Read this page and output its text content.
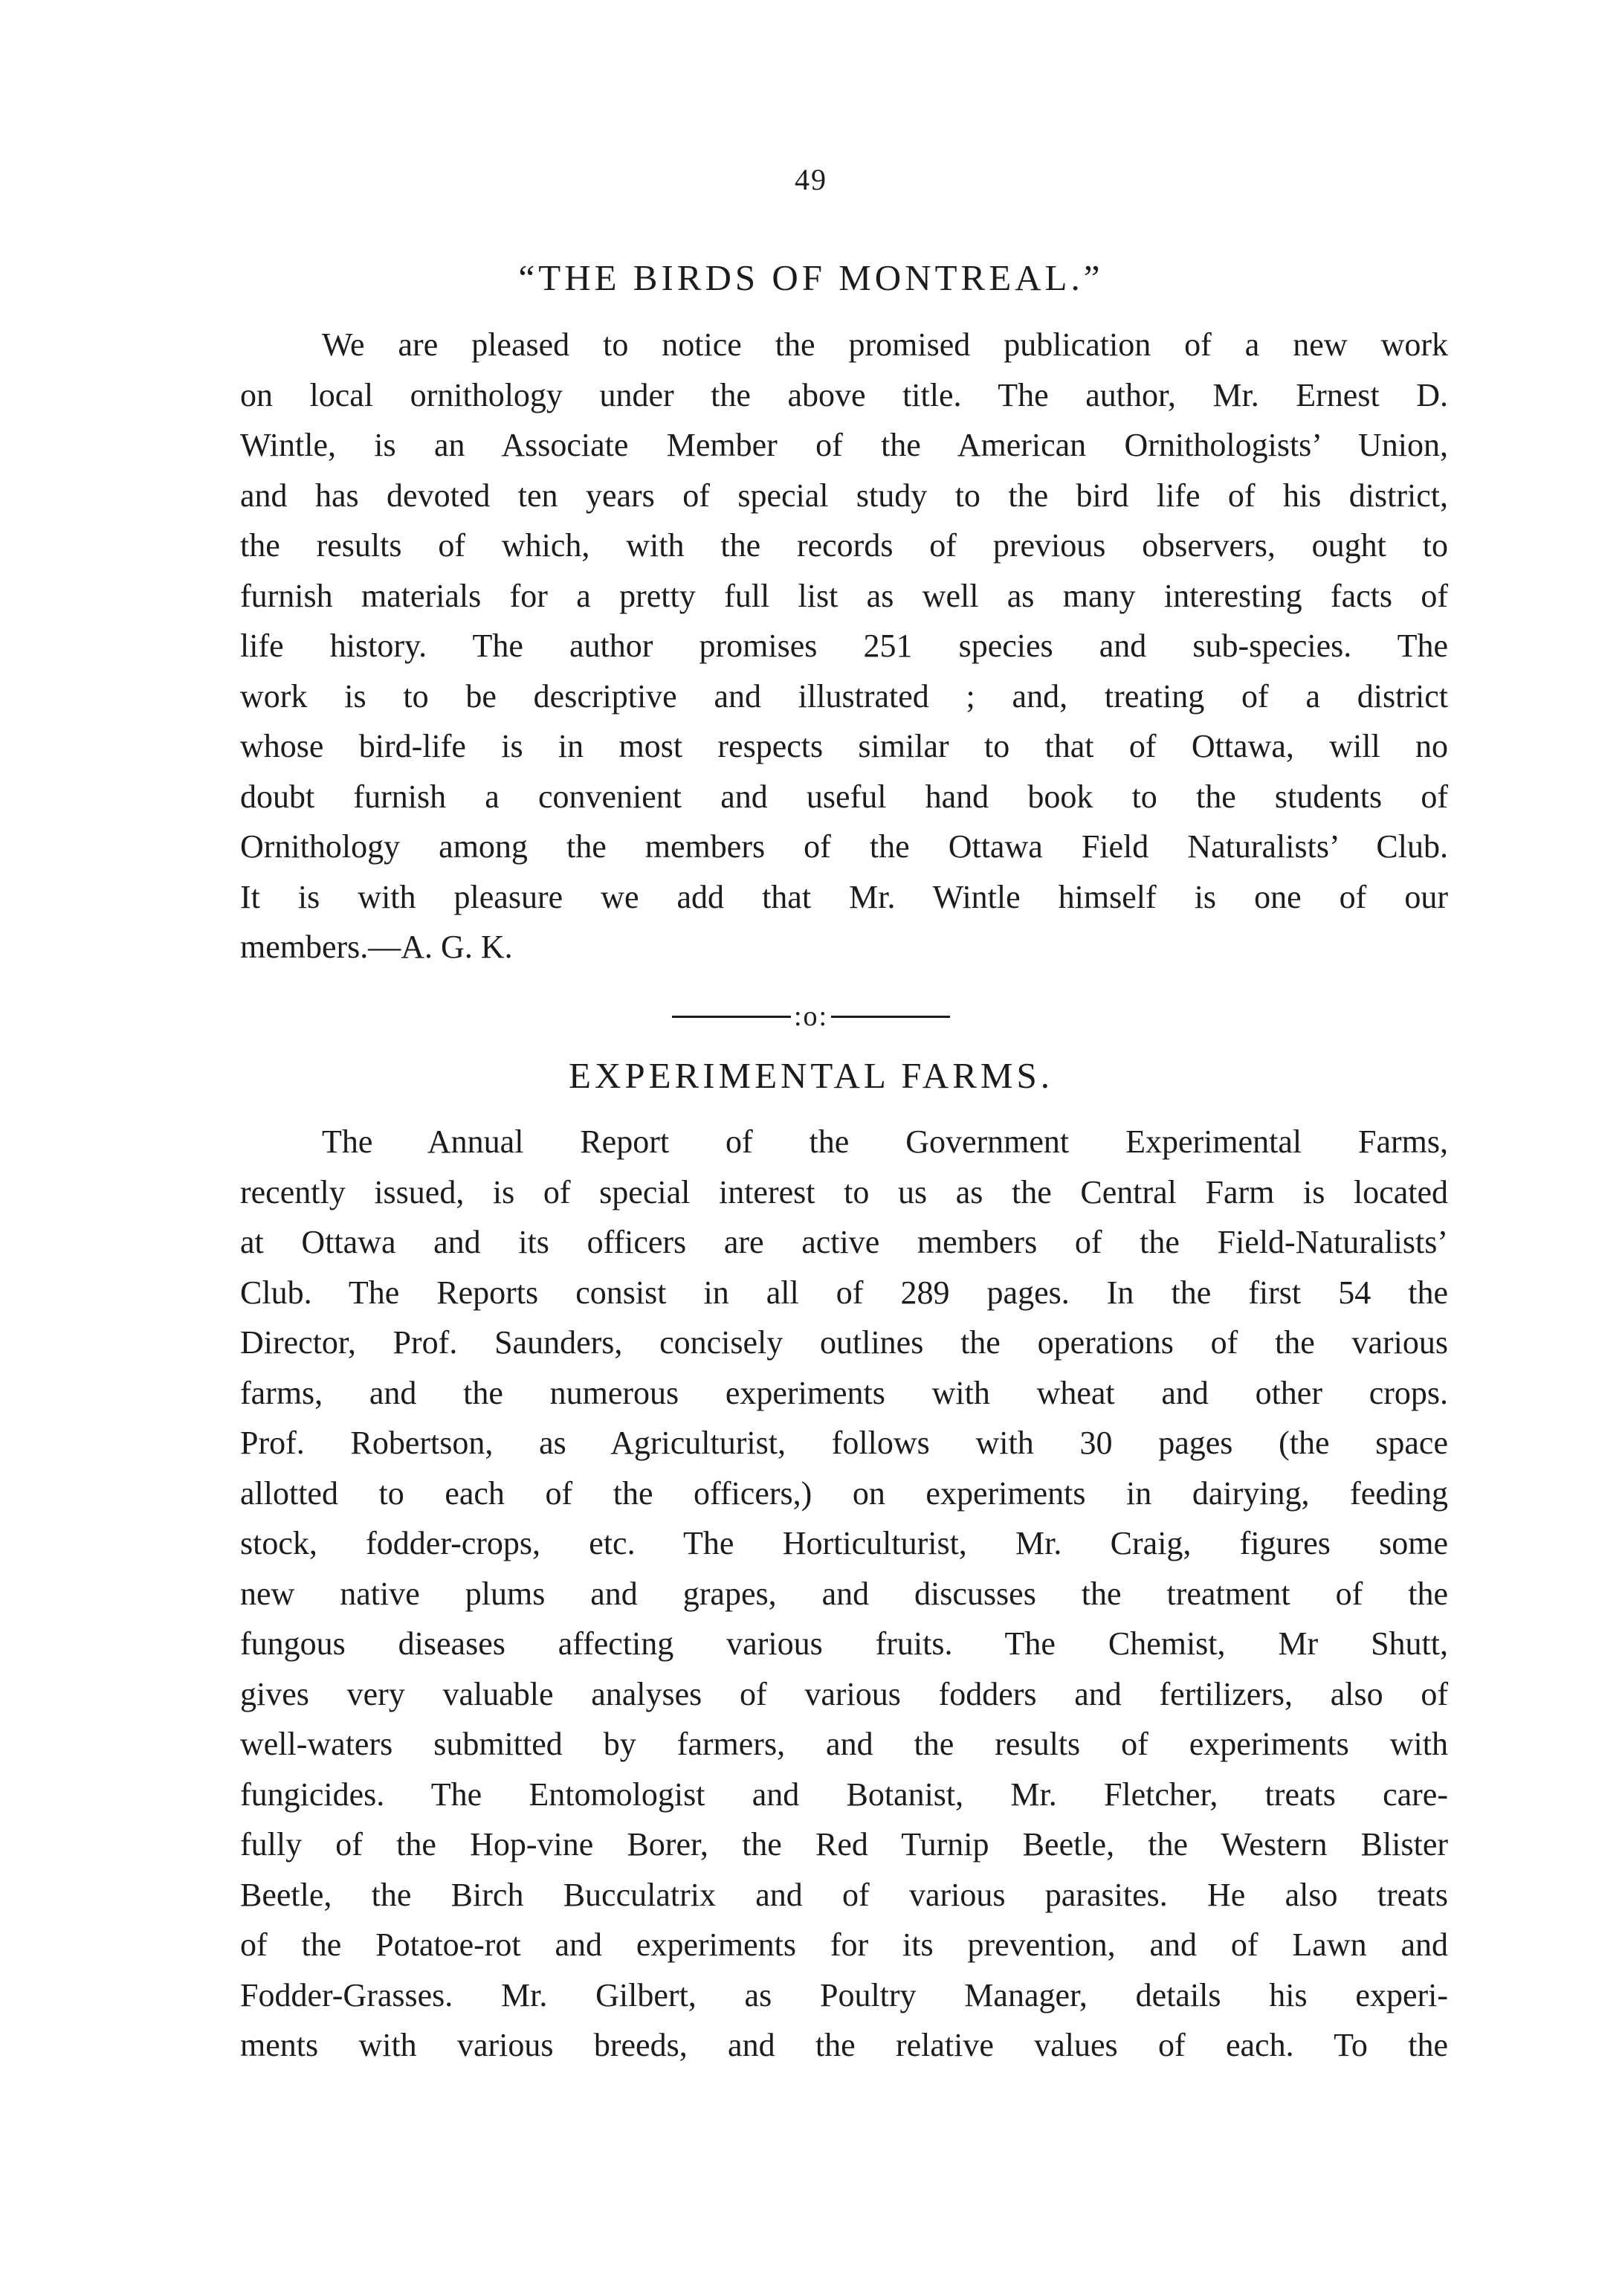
49
“THE BIRDS OF MONTREAL.”
We are pleased to notice the promised publication of a new work
on local ornithology under the above title. The author, Mr. Ernest D.
Wintle, is an Associate Member of the American Ornithologists’ Union,
and has devoted ten years of special study to the bird life of his district,
the results of which, with the records of previous observers, ought to
furnish materials for a pretty full list as well as many interesting facts of
life history. The author promises 251 species and sub-species. The
work is to be descriptive and illustrated ; and, treating of a district
whose bird-life is in most respects similar to that of Ottawa, will no
doubt furnish a convenient and useful hand book to the students of
Ornithology among the members of the Ottawa Field Naturalists’ Club.
It is with pleasure we add that Mr. Wintle himself is one of our
members.—A. G. K.
:o:
EXPERIMENTAL FARMS.
The Annual Report of the Government Experimental Farms,
recently issued, is of special interest to us as the Central Farm is located
at Ottawa and its officers are active members of the Field-Naturalists’
Club. The Reports consist in all of 289 pages. In the first 54 the
Director, Prof. Saunders, concisely outlines the operations of the various
farms, and the numerous experiments with wheat and other crops.
Prof. Robertson, as Agriculturist, follows with 30 pages (the space
allotted to each of the officers,) on experiments in dairying, feeding
stock, fodder-crops, etc. The Horticulturist, Mr. Craig, figures some
new native plums and grapes, and discusses the treatment of the
fungous diseases affecting various fruits. The Chemist, Mr Shutt,
gives very valuable analyses of various fodders and fertilizers, also of
well-waters submitted by farmers, and the results of experiments with
fungicides. The Entomologist and Botanist, Mr. Fletcher, treats care-
fully of the Hop-vine Borer, the Red Turnip Beetle, the Western Blister
Beetle, the Birch Bucculatrix and of various parasites. He also treats
of the Potatoe-rot and experiments for its prevention, and of Lawn and
Fodder-Grasses. Mr. Gilbert, as Poultry Manager, details his experi-
ments with various breeds, and the relative values of each. To the
